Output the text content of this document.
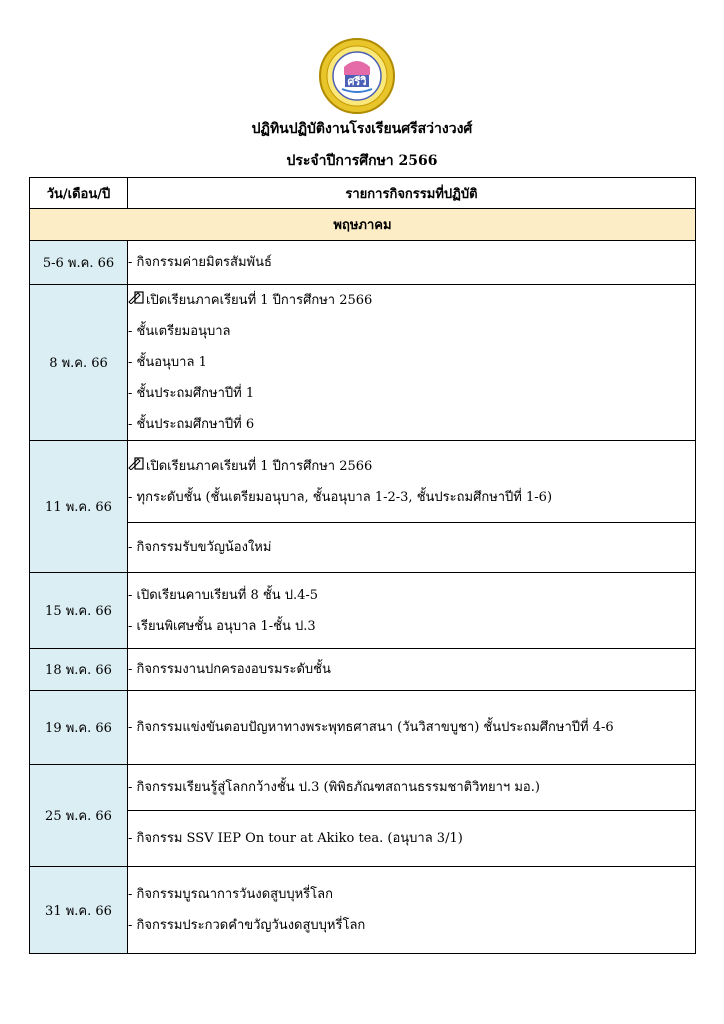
ศรีวิ
ปฏิทินปฏิบัติงานโรงเรียนศรีสว่างวงศ์
ประจำปีการศึกษา 2566
วัน/เดือน/ปี	รายการกิจกรรมที่ปฏิบัติ
พฤษภาคม	
5-6 พ.ค. 66	- กิจกรรมค่ายมิตรสัมพันธ์

8 พ.ค. 66	เปิดเรียนภาคเรียนที่ 1 ปีการศึกษา 2566
- ชั้นเตรียมอนุบาล
- ชั้นอนุบาล 1
- ชั้นประถมศึกษาปีที่ 1
- ชั้นประถมศึกษาปีที่ 6

11 พ.ค. 66	เปิดเรียนภาคเรียนที่ 1 ปีการศึกษา 2566
- ทุกระดับชั้น (ชั้นเตรียมอนุบาล, ชั้นอนุบาล 1-2-3, ชั้นประถมศึกษาปีที่ 1-6)

	- กิจกรรมรับขวัญน้องใหม่

15 พ.ค. 66	- เปิดเรียนคาบเรียนที่ 8 ชั้น ป.4-5
- เรียนพิเศษชั้น อนุบาล 1-ชั้น ป.3

18 พ.ค. 66	- กิจกรรมงานปกครองอบรมระดับชั้น

19 พ.ค. 66	- กิจกรรมแข่งขันตอบปัญหาทางพระพุทธศาสนา (วันวิสาขบูชา) ชั้นประถมศึกษาปีที่ 4-6

25 พ.ค. 66	- กิจกรรมเรียนรู้สู่โลกกว้างชั้น ป.3 (พิพิธภัณฑสถานธรรมชาติวิทยาฯ มอ.)

	- กิจกรรม SSV IEP On tour at Akiko tea. (อนุบาล 3/1)

31 พ.ค. 66	- กิจกรรมบูรณาการวันงดสูบบุหรี่โลก
- กิจกรรมประกวดคำขวัญวันงดสูบบุหรี่โลก
